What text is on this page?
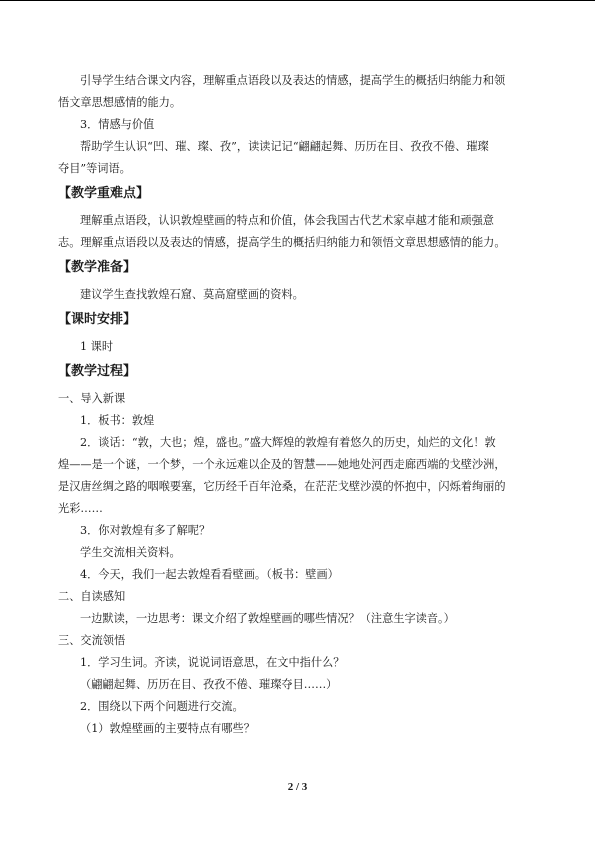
引导学生结合课文内容，理解重点语段以及表达的情感，提高学生的概括归纳能力和领

悟文章思想感情的能力。

3．情感与价值

帮助学生认识“凹、璀、璨、孜”，读读记记“翩翩起舞、历历在目、孜孜不倦、璀璨

夺目”等词语。

【教学重难点】

理解重点语段，认识敦煌壁画的特点和价值，体会我国古代艺术家卓越才能和顽强意

志。理解重点语段以及表达的情感，提高学生的概括归纳能力和领悟文章思想感情的能力。

【教学准备】

建议学生查找敦煌石窟、莫高窟壁画的资料。

【课时安排】

1 课时

【教学过程】

一、导入新课

1．板书：敦煌

2．谈话：“敦，大也；煌，盛也。”盛大辉煌的敦煌有着悠久的历史，灿烂的文化！敦

煌——是一个谜，一个梦，一个永远难以企及的智慧——她地处河西走廊西端的戈壁沙洲，

是汉唐丝绸之路的咽喉要塞，它历经千百年沧桑，在茫茫戈壁沙漠的怀抱中，闪烁着绚丽的

光彩……

3．你对敦煌有多了解呢？

学生交流相关资料。

4．今天，我们一起去敦煌看看壁画。（板书：壁画）

二、自读感知

一边默读，一边思考：课文介绍了敦煌壁画的哪些情况？（注意生字读音。）

三、交流领悟

1．学习生词。齐读，说说词语意思，在文中指什么？

（翩翩起舞、历历在目、孜孜不倦、璀璨夺目……）

2．围绕以下两个问题进行交流。

（1）敦煌壁画的主要特点有哪些？

2 / 3
